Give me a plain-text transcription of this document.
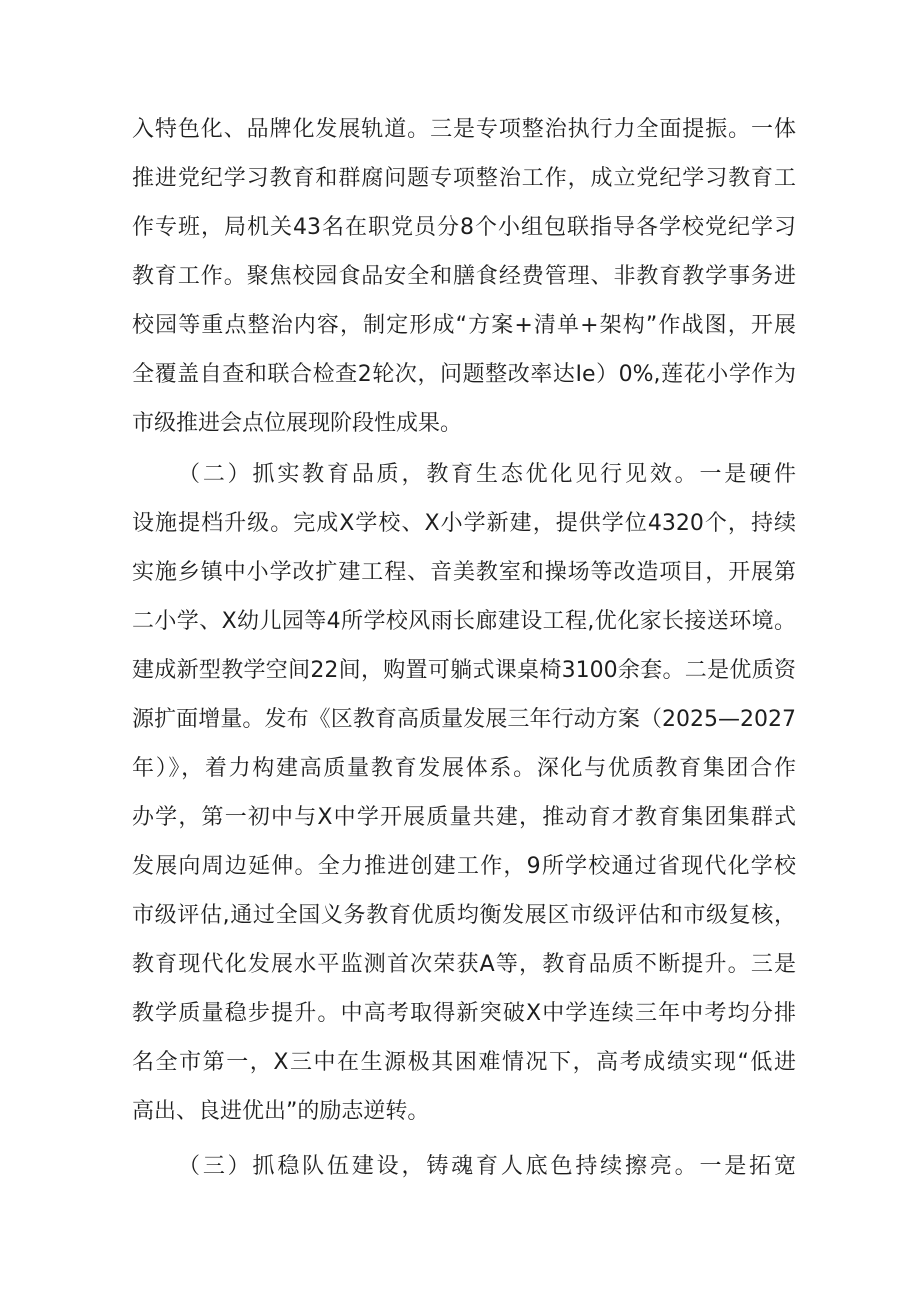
入特色化、品牌化发展轨道。三是专项整治执行力全面提振。一体
推进党纪学习教育和群腐问题专项整治工作，成立党纪学习教育工
作专班，局机关43名在职党员分8个小组包联指导各学校党纪学习
教育工作。聚焦校园食品安全和膳食经费管理、非教育教学事务进
校园等重点整治内容，制定形成“方案+清单+架构”作战图，开展
全覆盖自查和联合检查2轮次，问题整改率达Ie）0%,莲花小学作为
市级推进会点位展现阶段性成果。
（二）抓实教育品质，教育生态优化见行见效。一是硬件
设施提档升级。完成X学校、X小学新建，提供学位4320个，持续
实施乡镇中小学改扩建工程、音美教室和操场等改造项目，开展第
二小学、X幼儿园等4所学校风雨长廊建设工程,优化家长接送环境。
建成新型教学空间22间，购置可躺式课桌椅3100余套。二是优质资
源扩面增量。发布《区教育高质量发展三年行动方案（2025—2027
年）》，着力构建高质量教育发展体系。深化与优质教育集团合作
办学，第一初中与X中学开展质量共建，推动育才教育集团集群式
发展向周边延伸。全力推进创建工作，9所学校通过省现代化学校
市级评估,通过全国义务教育优质均衡发展区市级评估和市级复核，
教育现代化发展水平监测首次荣获A等，教育品质不断提升。三是
教学质量稳步提升。中高考取得新突破X中学连续三年中考均分排
名全市第一，X三中在生源极其困难情况下，高考成绩实现“低进
高出、良进优出”的励志逆转。
（三）抓稳队伍建设，铸魂育人底色持续擦亮。一是拓宽
